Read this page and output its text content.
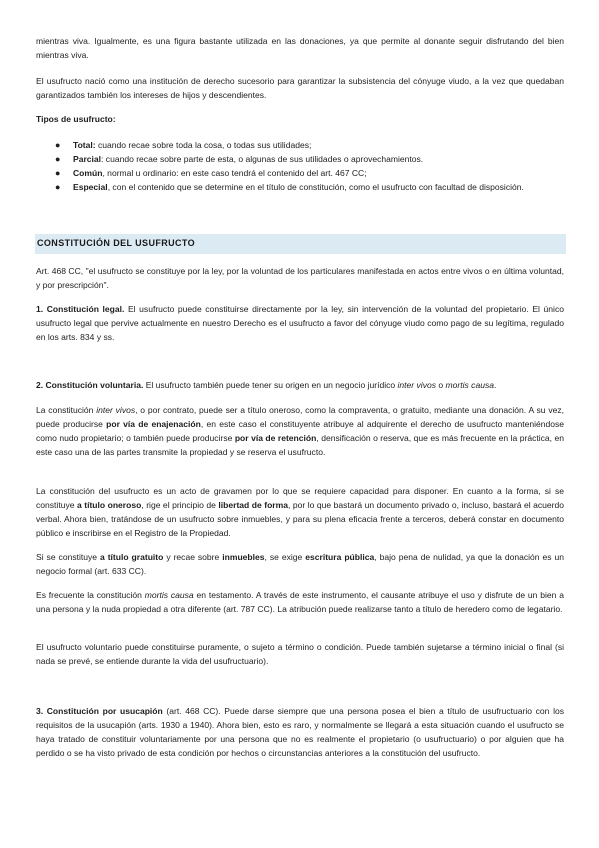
mientras viva. Igualmente, es una figura bastante utilizada en las donaciones, ya que permite al donante seguir disfrutando del bien mientras viva.

El usufructo nació como una institución de derecho sucesorio para garantizar la subsistencia del cónyuge viudo, a la vez que quedaban garantizados también los intereses de hijos y descendientes.

Tipos de usufructo:

● Total: cuando recae sobre toda la cosa, o todas sus utilidades;
● Parcial: cuando recae sobre parte de esta, o algunas de sus utilidades o aprovechamientos.
● Común, normal u ordinario: en este caso tendrá el contenido del art. 467 CC;
● Especial, con el contenido que se determine en el título de constitución, como el usufructo con facultad de disposición.
CONSTITUCIÓN DEL USUFRUCTO

Art. 468 CC, "el usufructo se constituye por la ley, por la voluntad de los particulares manifestada en actos entre vivos o en última voluntad, y por prescripción".

1. Constitución legal. El usufructo puede constituirse directamente por la ley, sin intervención de la voluntad del propietario. El único usufructo legal que pervive actualmente en nuestro Derecho es el usufructo a favor del cónyuge viudo como pago de su legítima, regulado en los arts. 834 y ss.

2. Constitución voluntaria. El usufructo también puede tener su origen en un negocio jurídico inter vivos o mortis causa.

La constitución inter vivos, o por contrato, puede ser a título oneroso, como la compraventa, o gratuito, mediante una donación. A su vez, puede producirse por vía de enajenación, en este caso el constituyente atribuye al adquirente el derecho de usufructo manteniéndose como nudo propietario; o también puede producirse por vía de retención, densificación o reserva, que es más frecuente en la práctica, en este caso una de las partes transmite la propiedad y se reserva el usufructo.

La constitución del usufructo es un acto de gravamen por lo que se requiere capacidad para disponer. En cuanto a la forma, si se constituye a título oneroso, rige el principio de libertad de forma, por lo que bastará un documento privado o, incluso, bastará el acuerdo verbal. Ahora bien, tratándose de un usufructo sobre inmuebles, y para su plena eficacia frente a terceros, deberá constar en documento público e inscribirse en el Registro de la Propiedad.

Si se constituye a título gratuito y recae sobre inmuebles, se exige escritura pública, bajo pena de nulidad, ya que la donación es un negocio formal (art. 633 CC).

Es frecuente la constitución mortis causa en testamento. A través de este instrumento, el causante atribuye el uso y disfrute de un bien a una persona y la nuda propiedad a otra diferente (art. 787 CC). La atribución puede realizarse tanto a título de heredero como de legatario.

El usufructo voluntario puede constituirse puramente, o sujeto a término o condición. Puede también sujetarse a término inicial o final (si nada se prevé, se entiende durante la vida del usufructuario).

3. Constitución por usucapión (art. 468 CC). Puede darse siempre que una persona posea el bien a título de usufructuario con los requisitos de la usucapión (arts. 1930 a 1940). Ahora bien, esto es raro, y normalmente se llegará a esta situación cuando el usufructo se haya tratado de constituir voluntariamente por una persona que no es realmente el propietario (o usufructuario) o por alguien que ha perdido o se ha visto privado de esta condición por hechos o circunstancias anteriores a la constitución del usufructo.
